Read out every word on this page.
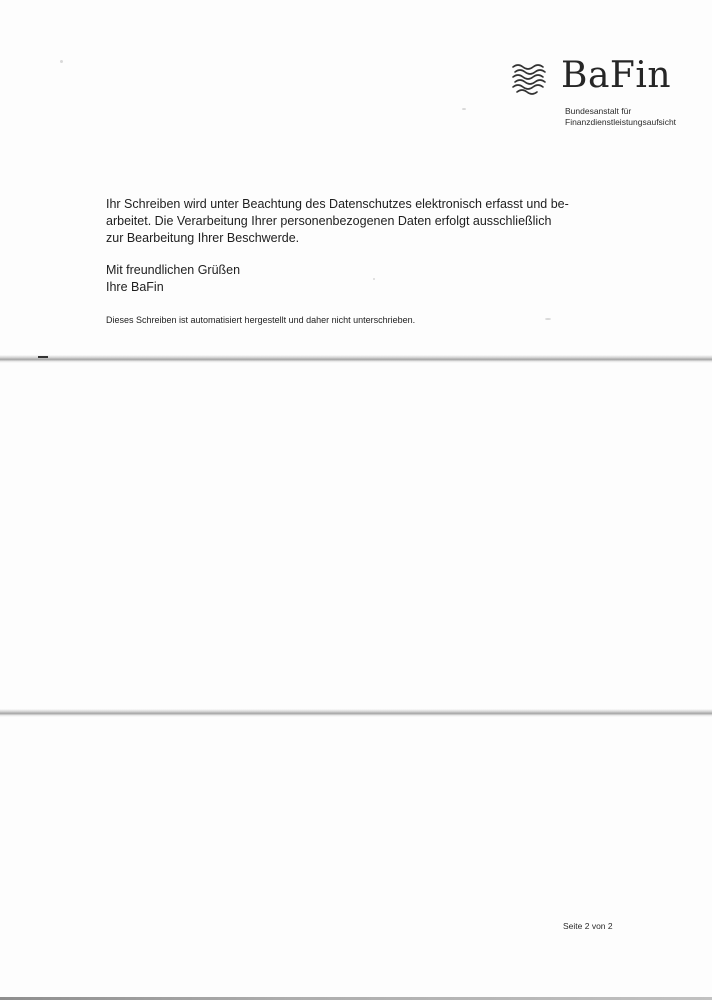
BaFin
Bundesanstalt für
Finanzdienstleistungsaufsicht
Ihr Schreiben wird unter Beachtung des Datenschutzes elektronisch erfasst und be-
arbeitet. Die Verarbeitung Ihrer personenbezogenen Daten erfolgt ausschließlich
zur Bearbeitung Ihrer Beschwerde.
Mit freundlichen Grüßen
Ihre BaFin
Dieses Schreiben ist automatisiert hergestellt und daher nicht unterschrieben.
Seite 2 von 2
